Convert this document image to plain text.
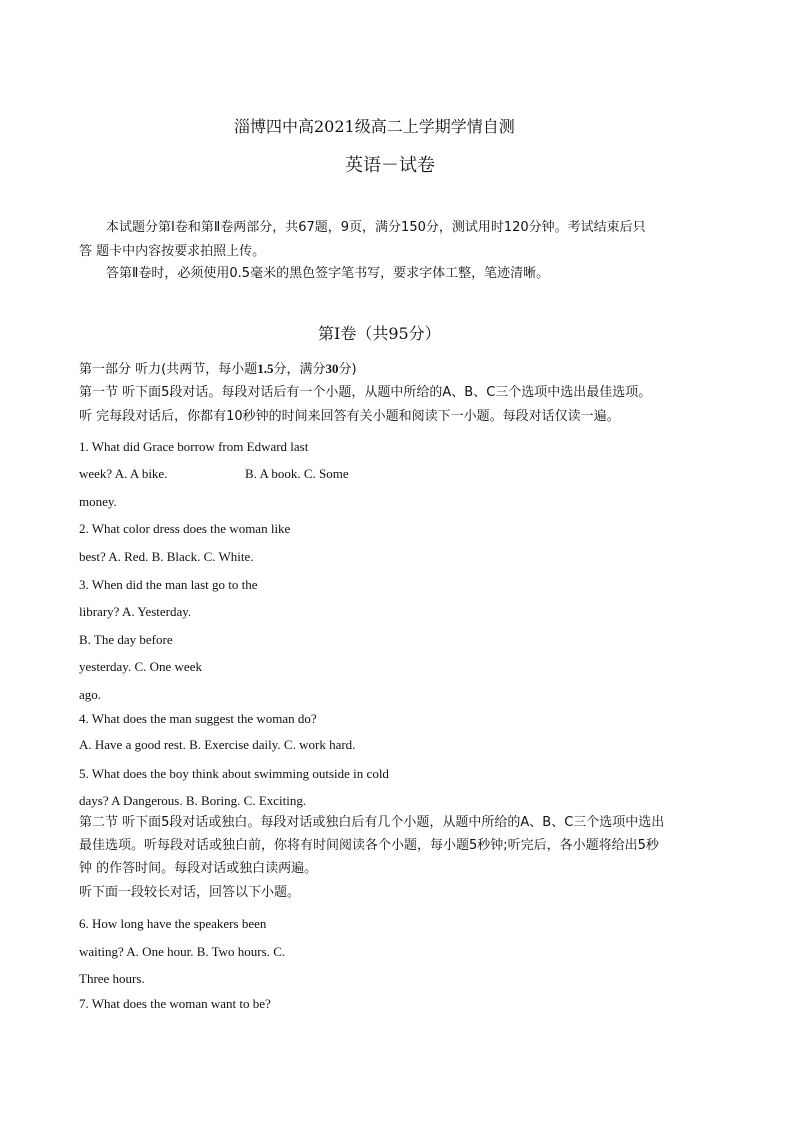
淄博四中高2021级高二上学期学情自测
英语－试卷
本试题分第Ⅰ卷和第Ⅱ卷两部分，共67题，9页，满分150分，测试用时120分钟。考试结束后只
答 题卡中内容按要求拍照上传。
答第Ⅱ卷时，必须使用0.5毫米的黑色签字笔书写，要求字体工整，笔迹清晰。
第Ⅰ卷（共95分）
第一部分 听力(共两节，每小题1.5分，满分30分)
第一节 听下面5段对话。每段对话后有一个小题，从题中所给的A、B、C三个选项中选出最佳选项。
听 完每段对话后，你都有10秒钟的时间来回答有关小题和阅读下一小题。每段对话仅读一遍。
1. What did Grace borrow from Edward last
week? A. A bike.	B. A book. C. Some
money.
2. What color dress does the woman like
best? A. Red. B. Black. C. White.
3. When did the man last go to the
library? A. Yesterday.
B. The day before
yesterday. C. One week
ago.
4. What does the man suggest the woman do?
A. Have a good rest. B. Exercise daily. C. work hard.
5. What does the boy think about swimming outside in cold
days? A Dangerous. B. Boring. C. Exciting.
第二节 听下面5段对话或独白。每段对话或独白后有几个小题，从题中所给的A、B、C三个选项中选出
最佳选项。听每段对话或独白前，你将有时间阅读各个小题，每小题5秒钟;听完后，各小题将给出5秒
钟 的作答时间。每段对话或独白读两遍。
听下面一段较长对话，回答以下小题。
6. How long have the speakers been
waiting? A. One hour. B. Two hours. C.
Three hours.
7. What does the woman want to be?
